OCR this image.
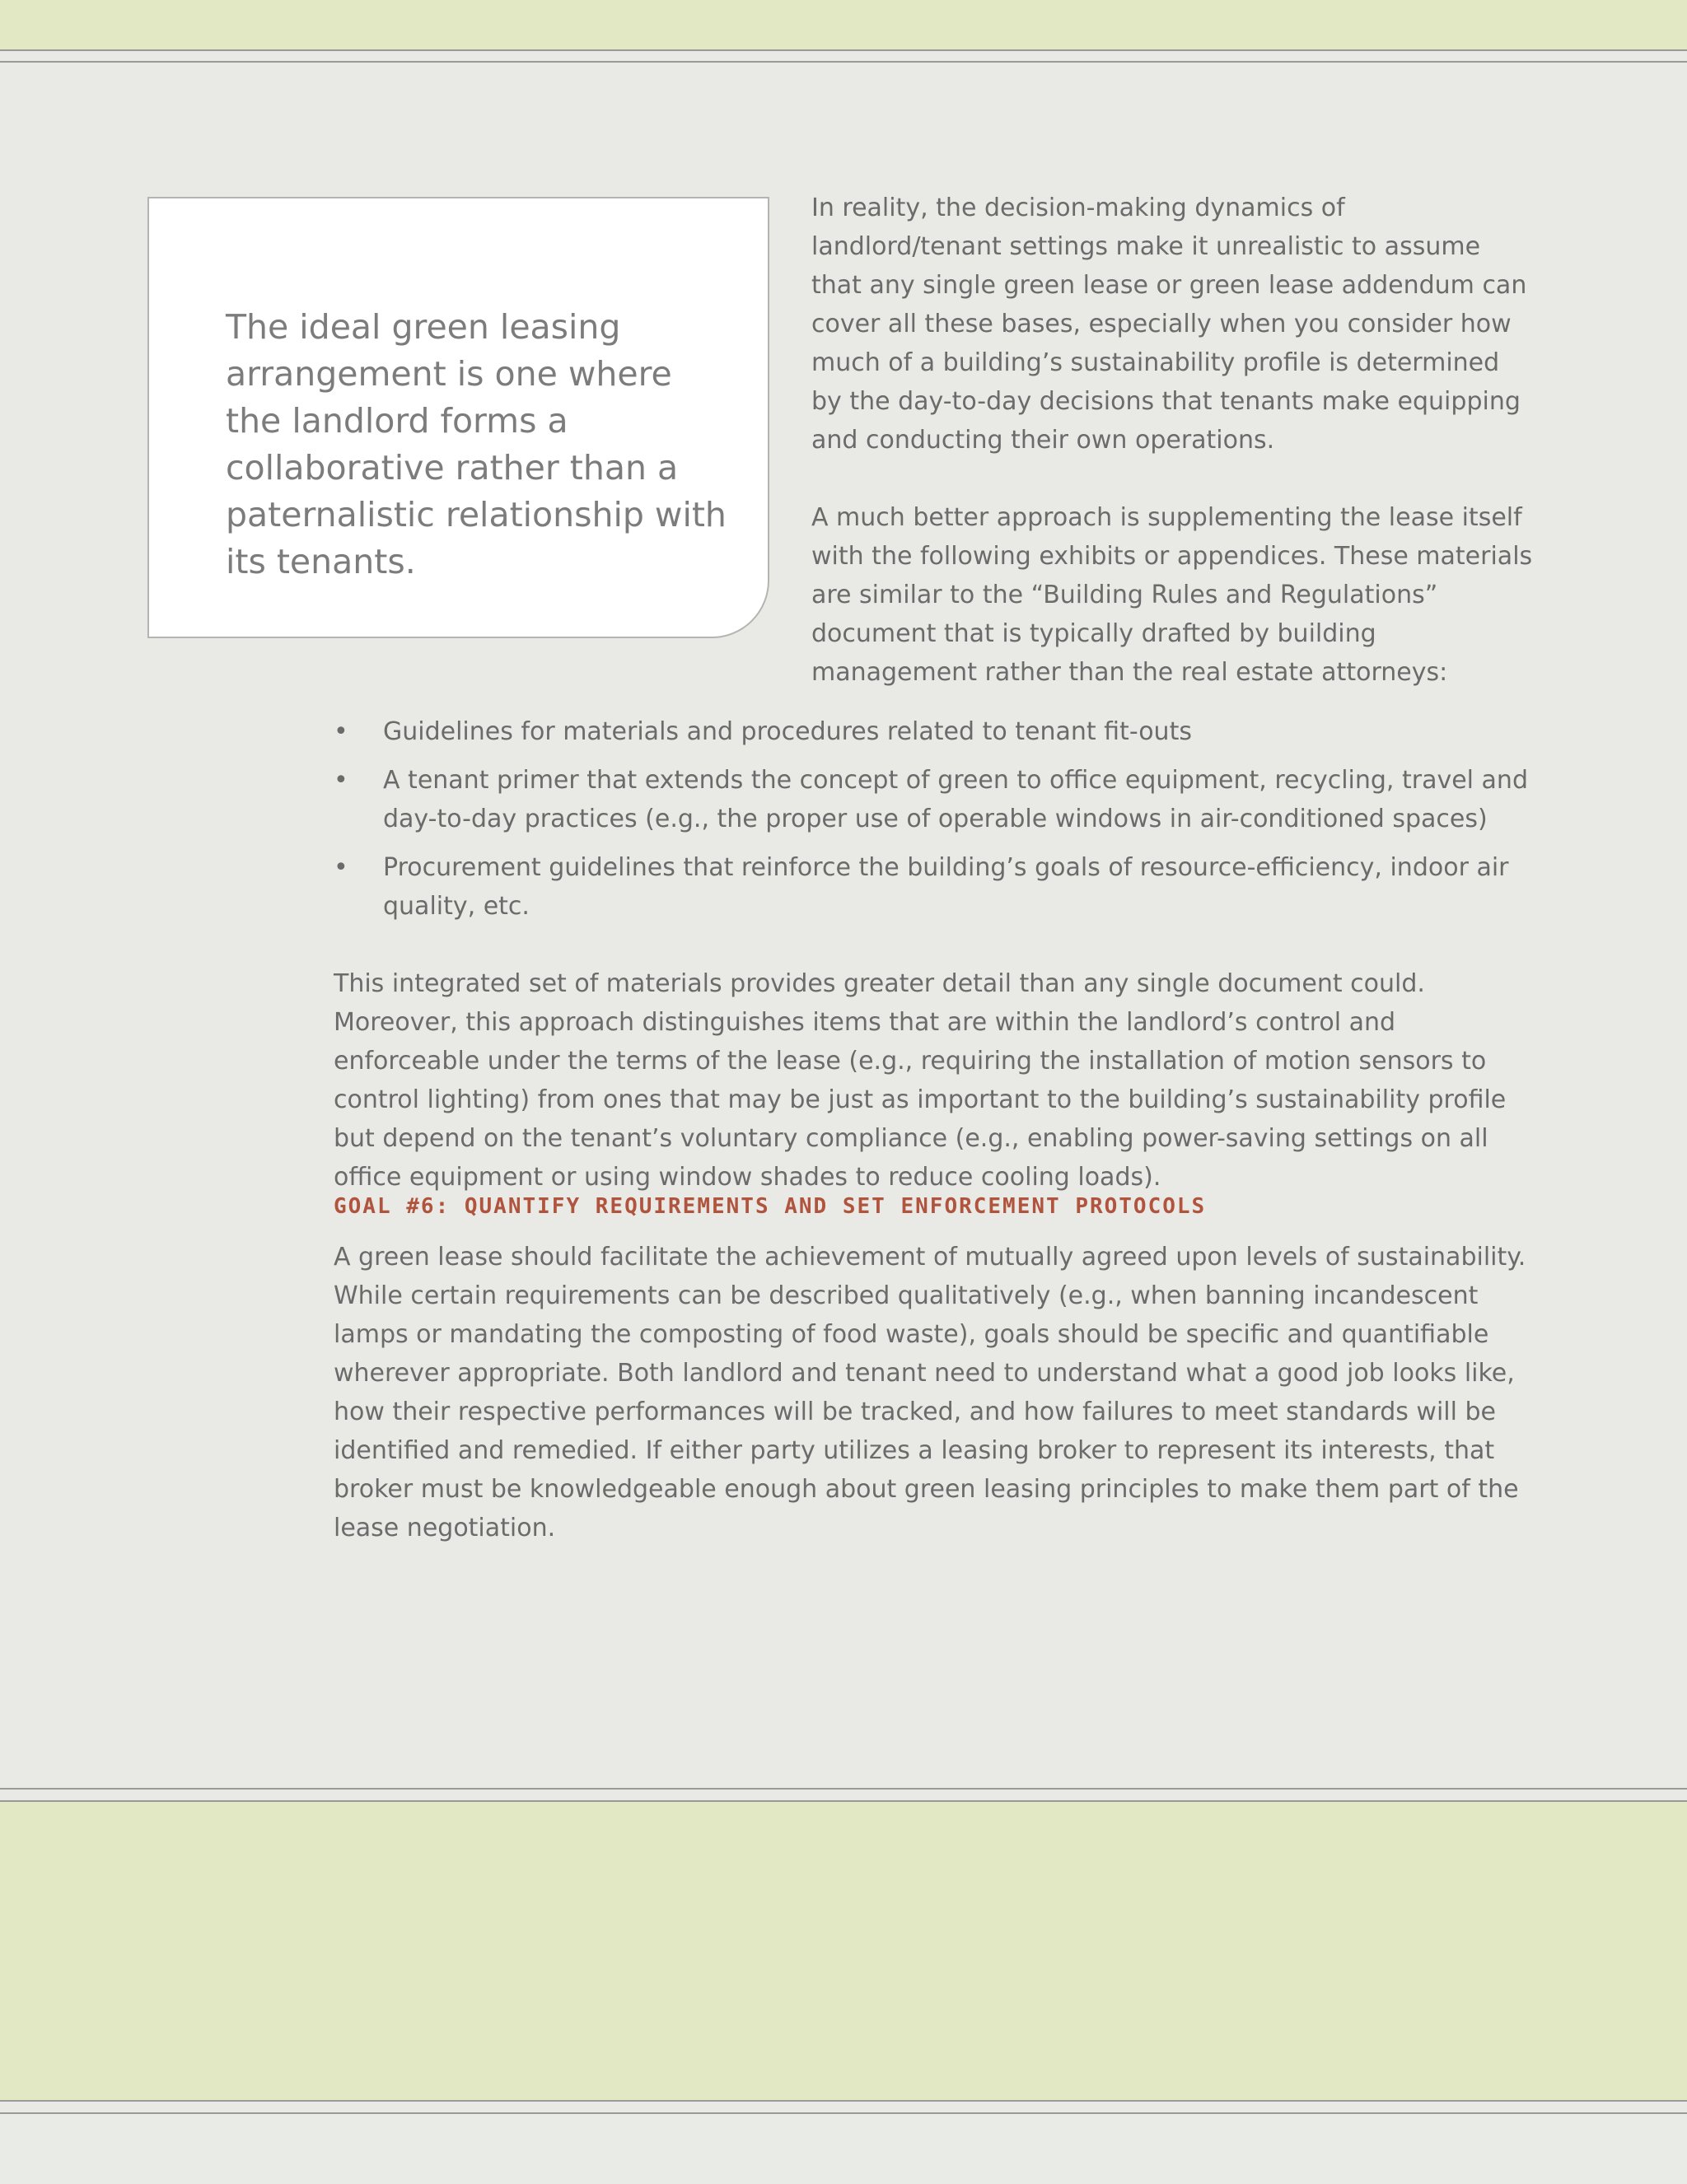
The ideal green leasing arrangement is one where the landlord forms a collaborative rather than a paternalistic relationship with its tenants.

In reality, the decision-making dynamics of landlord/tenant settings make it unrealistic to assume that any single green lease or green lease addendum can cover all these bases, especially when you consider how much of a building’s sustainability profile is determined by the day-to-day decisions that tenants make equipping and conducting their own operations.

A much better approach is supplementing the lease itself with the following exhibits or appendices. These materials are similar to the “Building Rules and Regulations” document that is typically drafted by building management rather than the real estate attorneys:

• Guidelines for materials and procedures related to tenant fit-outs
• A tenant primer that extends the concept of green to office equipment, recycling, travel and day-to-day practices (e.g., the proper use of operable windows in air-conditioned spaces)
• Procurement guidelines that reinforce the building’s goals of resource-efficiency, indoor air quality, etc.

This integrated set of materials provides greater detail than any single document could. Moreover, this approach distinguishes items that are within the landlord’s control and enforceable under the terms of the lease (e.g., requiring the installation of motion sensors to control lighting) from ones that may be just as important to the building’s sustainability profile but depend on the tenant’s voluntary compliance (e.g., enabling power-saving settings on all office equipment or using window shades to reduce cooling loads).

GOAL #6: QUANTIFY REQUIREMENTS AND SET ENFORCEMENT PROTOCOLS

A green lease should facilitate the achievement of mutually agreed upon levels of sustainability. While certain requirements can be described qualitatively (e.g., when banning incandescent lamps or mandating the composting of food waste), goals should be specific and quantifiable wherever appropriate. Both landlord and tenant need to understand what a good job looks like, how their respective performances will be tracked, and how failures to meet standards will be identified and remedied. If either party utilizes a leasing broker to represent its interests, that broker must be knowledgeable enough about green leasing principles to make them part of the lease negotiation.
